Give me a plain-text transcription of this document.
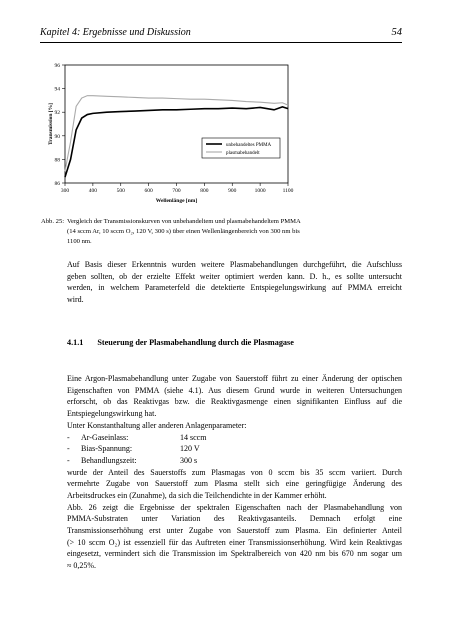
Kapitel 4: Ergebnisse und Diskussion	54
86
88
90
92
94
96
300	400	500	600	700	800	900	1000	1100
Wellenlänge [nm]
Transmission [%]
unbehandeltes PMMA
plasmabehandelt
Abb. 25: Vergleich der Transmissionskurven von unbehandeltem und plasmabehandeltem PMMA
(14 sccm Ar, 10 sccm O₂, 120 V, 300 s) über einen Wellenlängenbereich von 300 nm bis
1100 nm.
Auf Basis dieser Erkenntnis wurden weitere Plasmabehandlungen durchgeführt, die Aufschluss
geben sollten, ob der erzielte Effekt weiter optimiert werden kann. D. h., es sollte untersucht
werden, in welchem Parameterfeld die detektierte Entspiegelungswirkung auf PMMA erreicht
wird.
4.1.1 Steuerung der Plasmabehandlung durch die Plasmagase
Eine Argon-Plasmabehandlung unter Zugabe von Sauerstoff führt zu einer Änderung der optischen
Eigenschaften von PMMA (siehe 4.1). Aus diesem Grund wurde in weiteren Untersuchungen
erforscht, ob das Reaktivgas bzw. die Reaktivgasmenge einen signifikanten Einfluss auf die
Entspiegelungswirkung hat.
Unter Konstanthaltung aller anderen Anlagenparameter:
- Ar-Gaseinlass:	14 sccm
- Bias-Spannung:	120 V
- Behandlungszeit:	300 s
wurde der Anteil des Sauerstoffs zum Plasmagas von 0 sccm bis 35 sccm variiert. Durch
vermehrte Zugabe von Sauerstoff zum Plasma stellt sich eine geringfügige Änderung des
Arbeitsdruckes ein (Zunahme), da sich die Teilchendichte in der Kammer erhöht.
Abb. 26 zeigt die Ergebnisse der spektralen Eigenschaften nach der Plasmabehandlung von
PMMA-Substraten unter Variation des Reaktivgasanteils. Demnach erfolgt eine
Transmissionserhöhung erst unter Zugabe von Sauerstoff zum Plasma. Ein definierter Anteil
(> 10 sccm O₂) ist essenziell für das Auftreten einer Transmissionserhöhung. Wird kein Reaktivgas
eingesetzt, vermindert sich die Transmission im Spektralbereich von 420 nm bis 670 nm sogar um
≈ 0,25%.
